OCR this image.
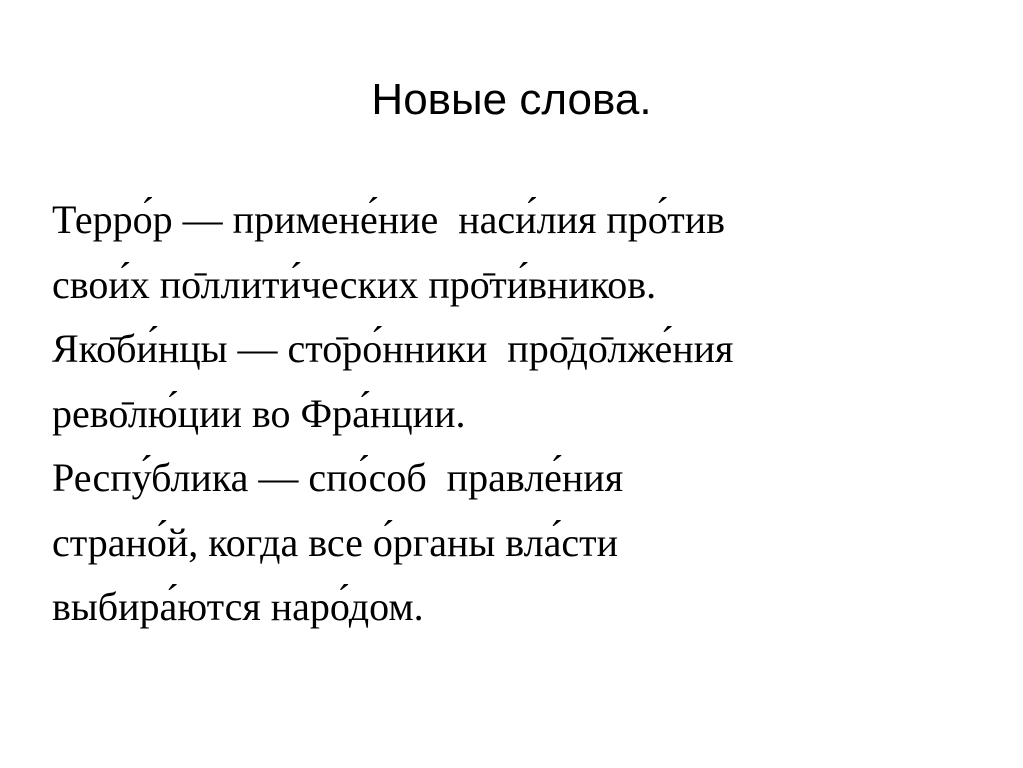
Новые слова.
Терро́р — примене́ние  наси́лия про́тив
свои́х по̄ллити́ческих про̄ти́вников.
Яко̄би́нцы — сто̄ро́нники  про̄до̄лже́ния
рево̄лю́ции во Фра́нции.
Респу́блика — спо́соб  правле́ния
страно́й, когда все о́рганы вла́сти
выбира́ются наро́дом.
